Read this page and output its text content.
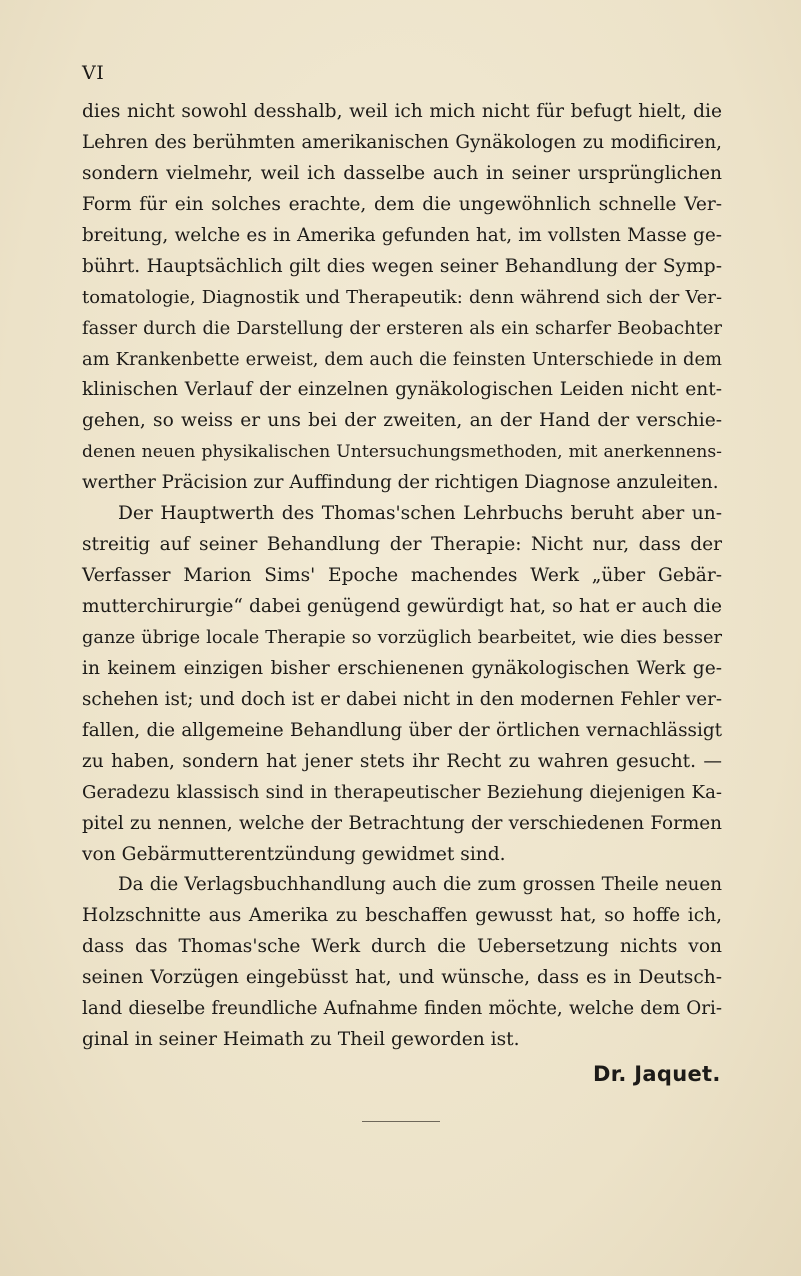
VI
dies nicht sowohl desshalb, weil ich mich nicht für befugt hielt, die
Lehren des berühmten amerikanischen Gynäkologen zu modificiren,
sondern vielmehr, weil ich dasselbe auch in seiner ursprünglichen
Form für ein solches erachte, dem die ungewöhnlich schnelle Ver-
breitung, welche es in Amerika gefunden hat, im vollsten Masse ge-
bührt. Hauptsächlich gilt dies wegen seiner Behandlung der Symp-
tomatologie, Diagnostik und Therapeutik: denn während sich der Ver-
fasser durch die Darstellung der ersteren als ein scharfer Beobachter
am Krankenbette erweist, dem auch die feinsten Unterschiede in dem
klinischen Verlauf der einzelnen gynäkologischen Leiden nicht ent-
gehen, so weiss er uns bei der zweiten, an der Hand der verschie-
denen neuen physikalischen Untersuchungsmethoden, mit anerkennens-
werther Präcision zur Auffindung der richtigen Diagnose anzuleiten.
Der Hauptwerth des Thomas'schen Lehrbuchs beruht aber un-
streitig auf seiner Behandlung der Therapie: Nicht nur, dass der
Verfasser Marion Sims' Epoche machendes Werk „über Gebär-
mutterchirurgie“ dabei genügend gewürdigt hat, so hat er auch die
ganze übrige locale Therapie so vorzüglich bearbeitet, wie dies besser
in keinem einzigen bisher erschienenen gynäkologischen Werk ge-
schehen ist; und doch ist er dabei nicht in den modernen Fehler ver-
fallen, die allgemeine Behandlung über der örtlichen vernachlässigt
zu haben, sondern hat jener stets ihr Recht zu wahren gesucht. —
Geradezu klassisch sind in therapeutischer Beziehung diejenigen Ka-
pitel zu nennen, welche der Betrachtung der verschiedenen Formen
von Gebärmutterentzündung gewidmet sind.
Da die Verlagsbuchhandlung auch die zum grossen Theile neuen
Holzschnitte aus Amerika zu beschaffen gewusst hat, so hoffe ich,
dass das Thomas'sche Werk durch die Uebersetzung nichts von
seinen Vorzügen eingebüsst hat, und wünsche, dass es in Deutsch-
land dieselbe freundliche Aufnahme finden möchte, welche dem Ori-
ginal in seiner Heimath zu Theil geworden ist.
Dr. Jaquet.
